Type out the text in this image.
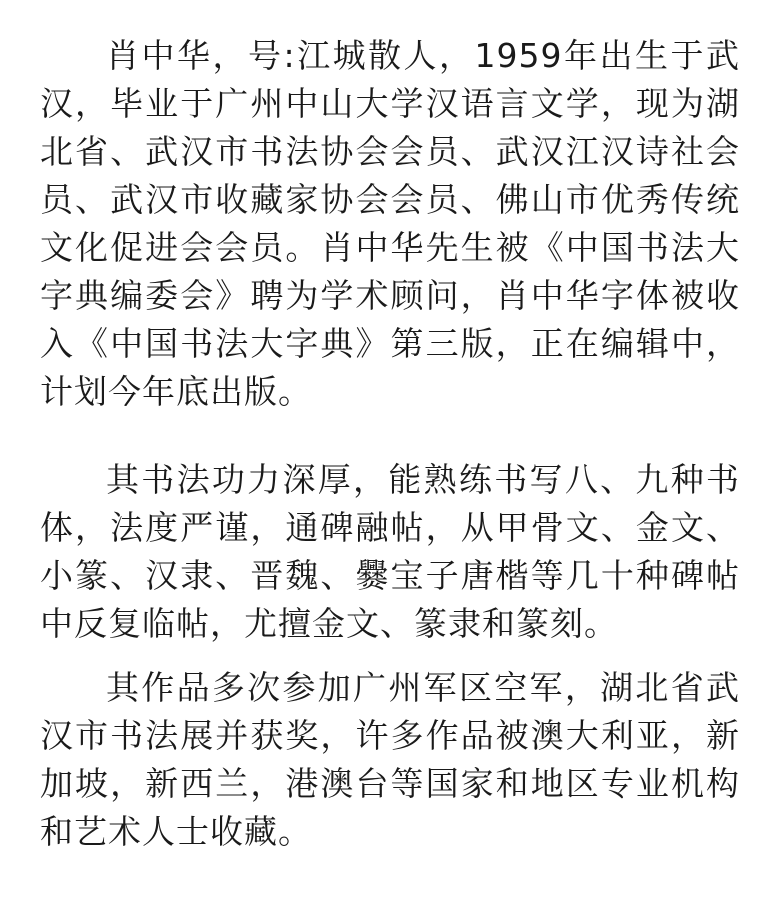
肖中华，号:江城散人，1959年出生于武汉，毕业于广州中山大学汉语言文学，现为湖北省、武汉市书法协会会员、武汉江汉诗社会员、武汉市收藏家协会会员、佛山市优秀传统文化促进会会员。肖中华先生被《中国书法大字典编委会》聘为学术顾问，肖中华字体被收入《中国书法大字典》第三版，正在编辑中，计划今年底出版。

其书法功力深厚，能熟练书写八、九种书体，法度严谨，通碑融帖，从甲骨文、金文、小篆、汉隶、晋魏、爨宝子唐楷等几十种碑帖中反复临帖，尤擅金文、篆隶和篆刻。

其作品多次参加广州军区空军，湖北省武汉市书法展并获奖，许多作品被澳大利亚，新加坡，新西兰，港澳台等国家和地区专业机构和艺术人士收藏。
